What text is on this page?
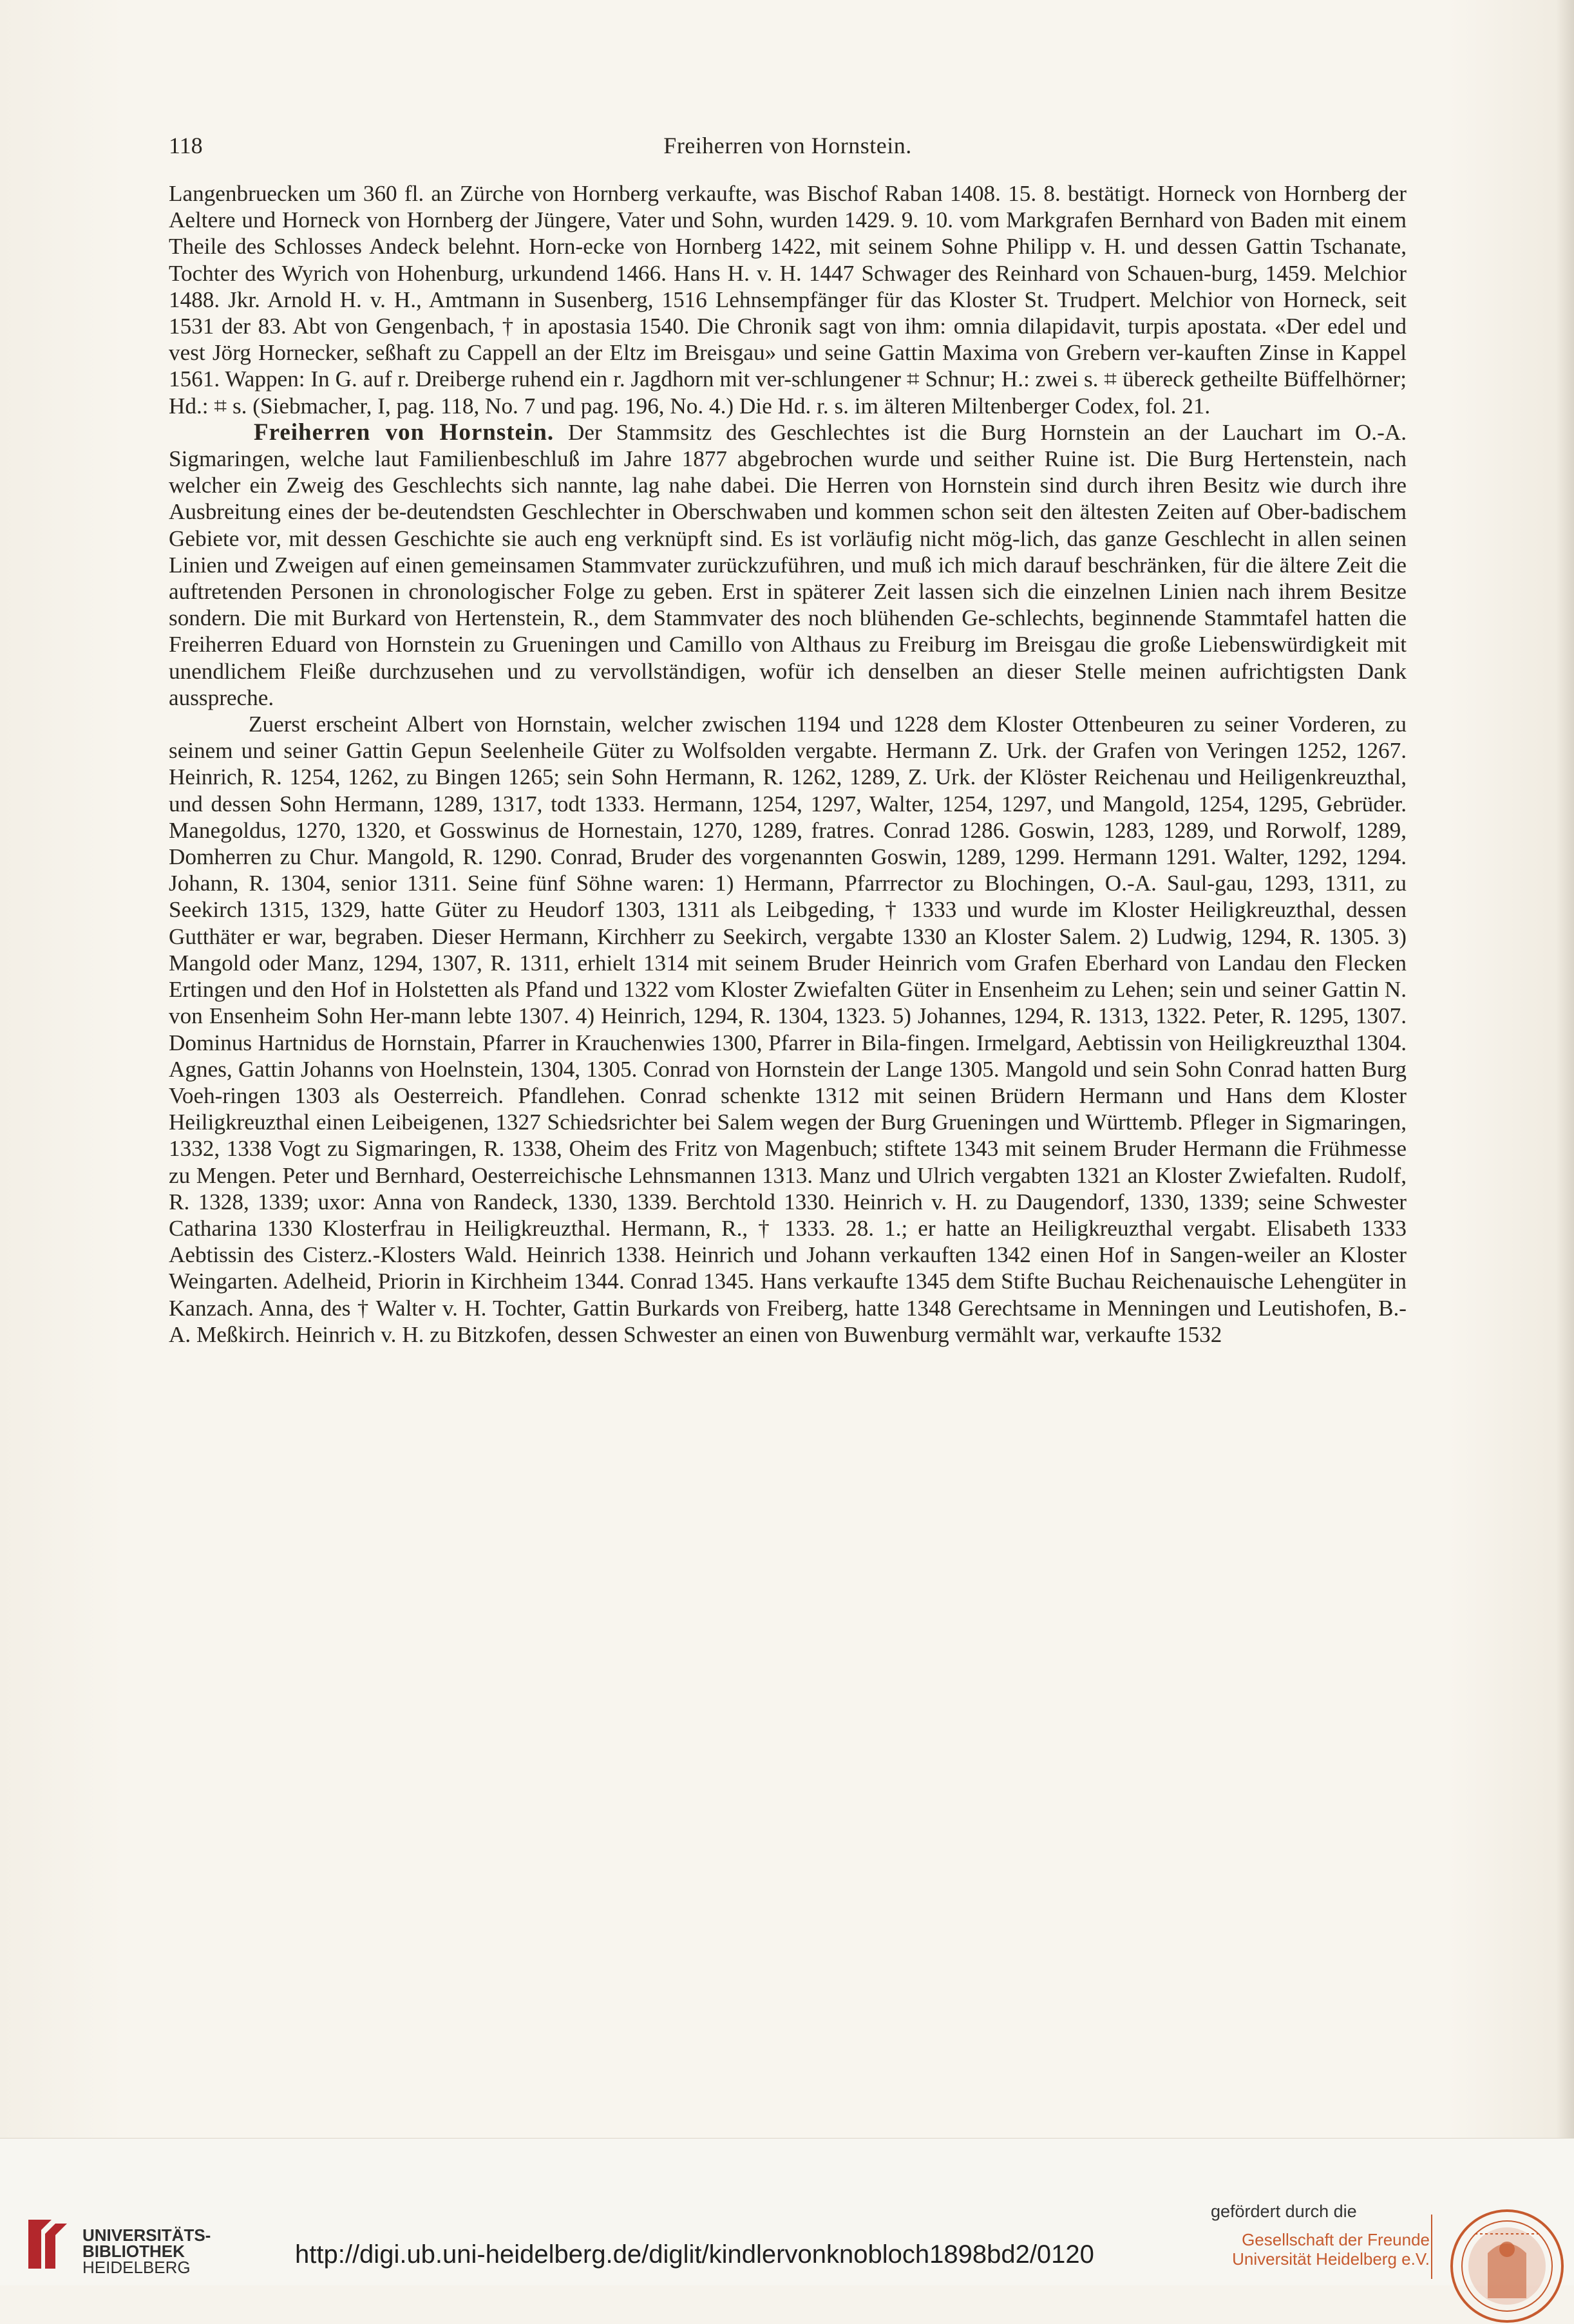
118	Freiherren von Hornstein.

Langenbruecken um 360 fl. an Zürche von Hornberg verkaufte, was Bischof Raban 1408. 15. 8. bestätigt. Horneck von Hornberg der Aeltere und Horneck von Hornberg der Jüngere, Vater und Sohn, wurden 1429. 9. 10. vom Markgrafen Bernhard von Baden mit einem Theile des Schlosses Andeck belehnt. Horn-ecke von Hornberg 1422, mit seinem Sohne Philipp v. H. und dessen Gattin Tschanate, Tochter des Wyrich von Hohenburg, urkundend 1466. Hans H. v. H. 1447 Schwager des Reinhard von Schauen-burg, 1459. Melchior 1488. Jkr. Arnold H. v. H., Amtmann in Susenberg, 1516 Lehnsempfänger für das Kloster St. Trudpert. Melchior von Horneck, seit 1531 der 83. Abt von Gengenbach, † in apostasia 1540. Die Chronik sagt von ihm: omnia dilapidavit, turpis apostata. «Der edel und vest Jörg Hornecker, seßhaft zu Cappell an der Eltz im Breisgau» und seine Gattin Maxima von Grebern ver-kauften Zinse in Kappel 1561. Wappen: In G. auf r. Dreiberge ruhend ein r. Jagdhorn mit ver-schlungener ⌗ Schnur; H.: zwei s. ⌗ übereck getheilte Büffelhörner; Hd.: ⌗ s. (Siebmacher, I, pag. 118, No. 7 und pag. 196, No. 4.) Die Hd. r. s. im älteren Miltenberger Codex, fol. 21.

Freiherren von Hornstein. Der Stammsitz des Geschlechtes ist die Burg Hornstein an der Lauchart im O.-A. Sigmaringen, welche laut Familienbeschluß im Jahre 1877 abgebrochen wurde und seither Ruine ist. Die Burg Hertenstein, nach welcher ein Zweig des Geschlechts sich nannte, lag nahe dabei. Die Herren von Hornstein sind durch ihren Besitz wie durch ihre Ausbreitung eines der be-deutendsten Geschlechter in Oberschwaben und kommen schon seit den ältesten Zeiten auf Ober-badischem Gebiete vor, mit dessen Geschichte sie auch eng verknüpft sind. Es ist vorläufig nicht mög-lich, das ganze Geschlecht in allen seinen Linien und Zweigen auf einen gemeinsamen Stammvater zurückzuführen, und muß ich mich darauf beschränken, für die ältere Zeit die auftretenden Personen in chronologischer Folge zu geben. Erst in späterer Zeit lassen sich die einzelnen Linien nach ihrem Besitze sondern. Die mit Burkard von Hertenstein, R., dem Stammvater des noch blühenden Ge-schlechts, beginnende Stammtafel hatten die Freiherren Eduard von Hornstein zu Grueningen und Camillo von Althaus zu Freiburg im Breisgau die große Liebenswürdigkeit mit unendlichem Fleiße durchzusehen und zu vervollständigen, wofür ich denselben an dieser Stelle meinen aufrichtigsten Dank ausspreche.

Zuerst erscheint Albert von Hornstain, welcher zwischen 1194 und 1228 dem Kloster Ottenbeuren zu seiner Vorderen, zu seinem und seiner Gattin Gepun Seelenheile Güter zu Wolfsolden vergabte. Hermann Z. Urk. der Grafen von Veringen 1252, 1267. Heinrich, R. 1254, 1262, zu Bingen 1265; sein Sohn Hermann, R. 1262, 1289, Z. Urk. der Klöster Reichenau und Heiligenkreuzthal, und dessen Sohn Hermann, 1289, 1317, todt 1333. Hermann, 1254, 1297, Walter, 1254, 1297, und Mangold, 1254, 1295, Gebrüder. Manegoldus, 1270, 1320, et Gosswinus de Hornestain, 1270, 1289, fratres. Conrad 1286. Goswin, 1283, 1289, und Rorwolf, 1289, Domherren zu Chur. Mangold, R. 1290. Conrad, Bruder des vorgenannten Goswin, 1289, 1299. Hermann 1291. Walter, 1292, 1294. Johann, R. 1304, senior 1311. Seine fünf Söhne waren: 1) Hermann, Pfarrrector zu Blochingen, O.-A. Saul-gau, 1293, 1311, zu Seekirch 1315, 1329, hatte Güter zu Heudorf 1303, 1311 als Leibgeding, † 1333 und wurde im Kloster Heiligkreuzthal, dessen Gutthäter er war, begraben. Dieser Hermann, Kirchherr zu Seekirch, vergabte 1330 an Kloster Salem. 2) Ludwig, 1294, R. 1305. 3) Mangold oder Manz, 1294, 1307, R. 1311, erhielt 1314 mit seinem Bruder Heinrich vom Grafen Eberhard von Landau den Flecken Ertingen und den Hof in Holstetten als Pfand und 1322 vom Kloster Zwiefalten Güter in Ensenheim zu Lehen; sein und seiner Gattin N. von Ensenheim Sohn Her-mann lebte 1307. 4) Heinrich, 1294, R. 1304, 1323. 5) Johannes, 1294, R. 1313, 1322. Peter, R. 1295, 1307. Dominus Hartnidus de Hornstain, Pfarrer in Krauchenwies 1300, Pfarrer in Bila-fingen. Irmelgard, Aebtissin von Heiligkreuzthal 1304. Agnes, Gattin Johanns von Hoelnstein, 1304, 1305. Conrad von Hornstein der Lange 1305. Mangold und sein Sohn Conrad hatten Burg Voeh-ringen 1303 als Oesterreich. Pfandlehen. Conrad schenkte 1312 mit seinen Brüdern Hermann und Hans dem Kloster Heiligkreuzthal einen Leibeigenen, 1327 Schiedsrichter bei Salem wegen der Burg Grueningen und Württemb. Pfleger in Sigmaringen, 1332, 1338 Vogt zu Sigmaringen, R. 1338, Oheim des Fritz von Magenbuch; stiftete 1343 mit seinem Bruder Hermann die Frühmesse zu Mengen. Peter und Bernhard, Oesterreichische Lehnsmannen 1313. Manz und Ulrich vergabten 1321 an Kloster Zwiefalten. Rudolf, R. 1328, 1339; uxor: Anna von Randeck, 1330, 1339. Berchtold 1330. Heinrich v. H. zu Daugendorf, 1330, 1339; seine Schwester Catharina 1330 Klosterfrau in Heiligkreuzthal. Hermann, R., † 1333. 28. 1.; er hatte an Heiligkreuzthal vergabt. Elisabeth 1333 Aebtissin des Cisterz.-Klosters Wald. Heinrich 1338. Heinrich und Johann verkauften 1342 einen Hof in Sangen-weiler an Kloster Weingarten. Adelheid, Priorin in Kirchheim 1344. Conrad 1345. Hans verkaufte 1345 dem Stifte Buchau Reichenauische Lehengüter in Kanzach. Anna, des † Walter v. H. Tochter, Gattin Burkards von Freiberg, hatte 1348 Gerechtsame in Menningen und Leutishofen, B.-A. Meßkirch. Heinrich v. H. zu Bitzkofen, dessen Schwester an einen von Buwenburg vermählt war, verkaufte 1532

UNIVERSITÄTS-
BIBLIOTHEK
HEIDELBERG	http://digi.ub.uni-heidelberg.de/diglit/kindlervonknobloch1898bd2/0120
gefördert durch die
Gesellschaft der Freunde
Universität Heidelberg e.V.
